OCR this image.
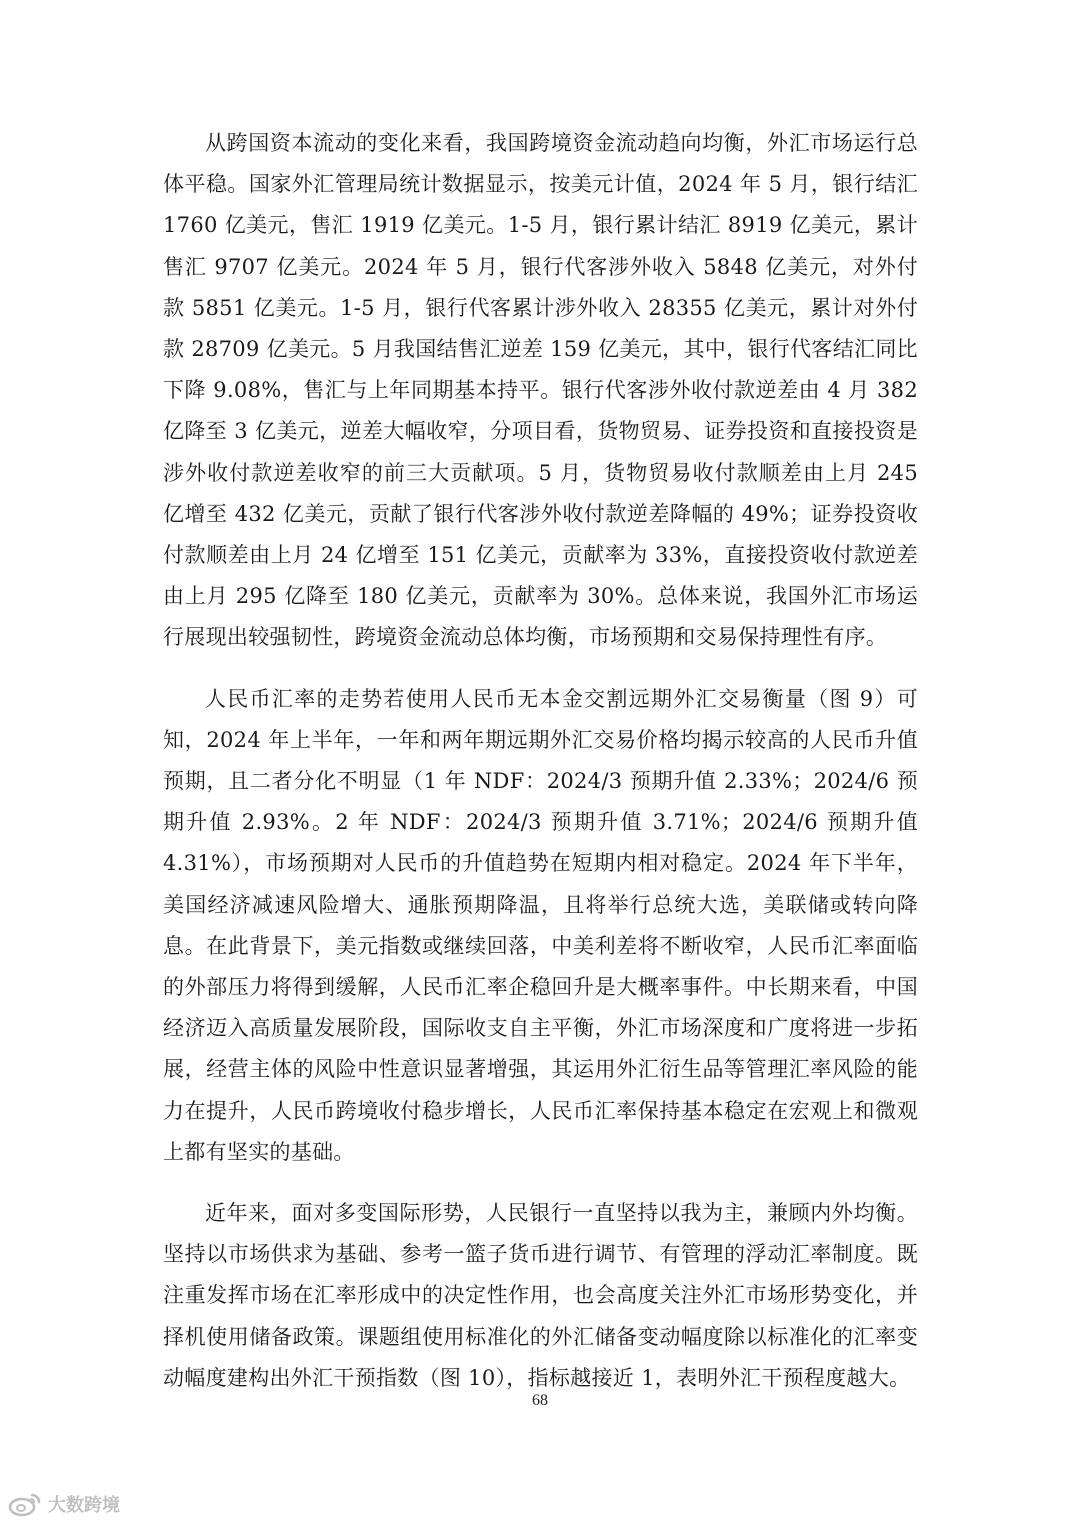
从跨国资本流动的变化来看，我国跨境资金流动趋向均衡，外汇市场运行总体平稳。国家外汇管理局统计数据显示，按美元计值，2024 年 5 月，银行结汇 1760 亿美元，售汇 1919 亿美元。1-5 月，银行累计结汇 8919 亿美元，累计售汇 9707 亿美元。2024 年 5 月，银行代客涉外收入 5848 亿美元，对外付款 5851 亿美元。1-5 月，银行代客累计涉外收入 28355 亿美元，累计对外付款 28709 亿美元。5 月我国结售汇逆差 159 亿美元，其中，银行代客结汇同比下降 9.08%，售汇与上年同期基本持平。银行代客涉外收付款逆差由 4 月 382 亿降至 3 亿美元，逆差大幅收窄，分项目看，货物贸易、证券投资和直接投资是涉外收付款逆差收窄的前三大贡献项。5 月，货物贸易收付款顺差由上月 245 亿增至 432 亿美元，贡献了银行代客涉外收付款逆差降幅的 49%；证券投资收付款顺差由上月 24 亿增至 151 亿美元，贡献率为 33%，直接投资收付款逆差由上月 295 亿降至 180 亿美元，贡献率为 30%。总体来说，我国外汇市场运行展现出较强韧性，跨境资金流动总体均衡，市场预期和交易保持理性有序。

人民币汇率的走势若使用人民币无本金交割远期外汇交易衡量（图 9）可知，2024 年上半年，一年和两年期远期外汇交易价格均揭示较高的人民币升值预期，且二者分化不明显（1 年 NDF：2024/3 预期升值 2.33%；2024/6 预期升值 2.93%。2 年 NDF：2024/3 预期升值 3.71%；2024/6 预期升值 4.31%），市场预期对人民币的升值趋势在短期内相对稳定。2024 年下半年，美国经济减速风险增大、通胀预期降温，且将举行总统大选，美联储或转向降息。在此背景下，美元指数或继续回落，中美利差将不断收窄，人民币汇率面临的外部压力将得到缓解，人民币汇率企稳回升是大概率事件。中长期来看，中国经济迈入高质量发展阶段，国际收支自主平衡，外汇市场深度和广度将进一步拓展，经营主体的风险中性意识显著增强，其运用外汇衍生品等管理汇率风险的能力在提升，人民币跨境收付稳步增长，人民币汇率保持基本稳定在宏观上和微观上都有坚实的基础。

近年来，面对多变国际形势，人民银行一直坚持以我为主，兼顾内外均衡。坚持以市场供求为基础、参考一篮子货币进行调节、有管理的浮动汇率制度。既注重发挥市场在汇率形成中的决定性作用，也会高度关注外汇市场形势变化，并择机使用储备政策。课题组使用标准化的外汇储备变动幅度除以标准化的汇率变动幅度建构出外汇干预指数（图 10），指标越接近 1，表明外汇干预程度越大。

68
大数跨境
